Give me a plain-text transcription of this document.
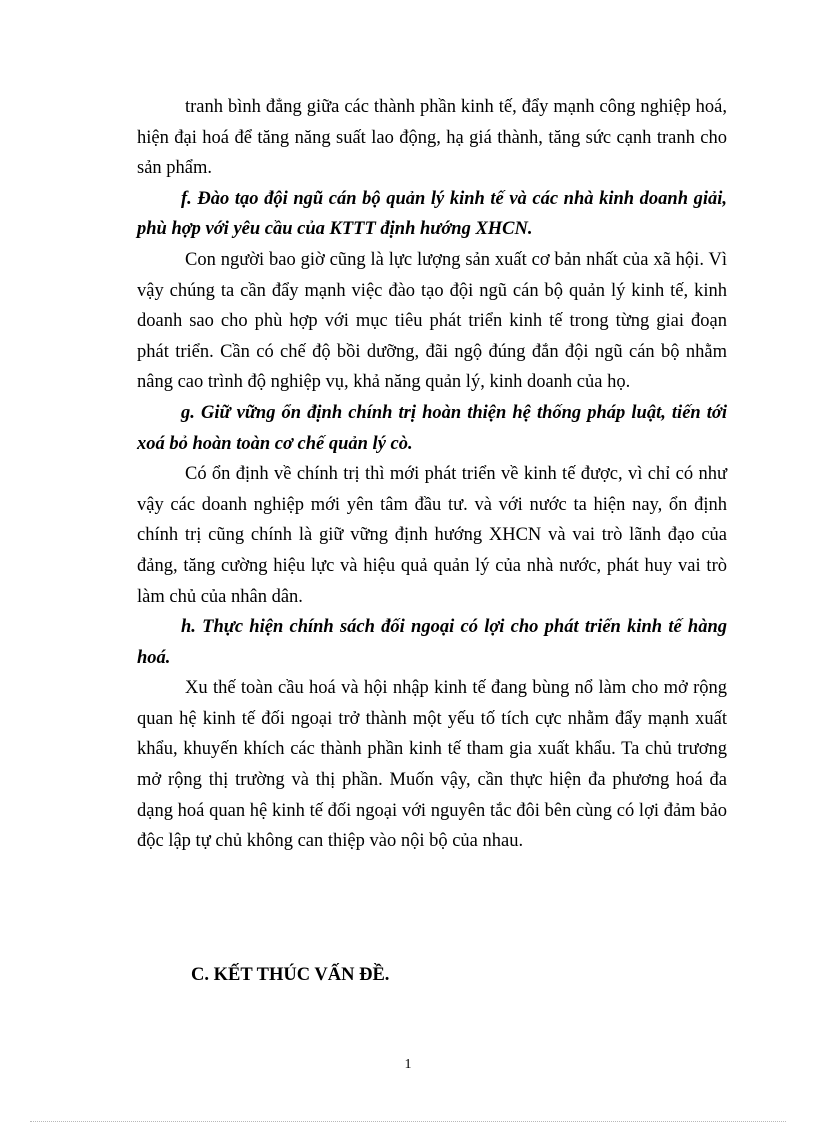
tranh bình đẳng giữa các thành phần kinh tế, đẩy mạnh công nghiệp hoá, hiện đại hoá để tăng năng suất lao động, hạ giá thành, tăng sức cạnh tranh cho sản phẩm.

f. Đào tạo đội ngũ cán bộ quản lý kinh tế và các nhà kinh doanh giải, phù hợp với yêu cầu của KTTT định hướng XHCN.

Con người bao giờ cũng là lực lượng sản xuất cơ bản nhất của xã hội. Vì vậy chúng ta cần đẩy mạnh việc đào tạo đội ngũ cán bộ quản lý kinh tế, kinh doanh sao cho phù hợp với mục tiêu phát triển kinh tế trong từng giai đoạn phát triển. Cần có chế độ bồi dưỡng, đãi ngộ đúng đắn đội ngũ cán bộ nhằm nâng cao trình độ nghiệp vụ, khả năng quản lý, kinh doanh của họ.

g. Giữ vững ổn định chính trị hoàn thiện hệ thống pháp luật, tiến tới xoá bỏ hoàn toàn cơ chế quản lý cò.

Có ổn định về chính trị thì mới phát triển về kinh tế được, vì chỉ có như vậy các doanh nghiệp mới yên tâm đầu tư. và với nước ta hiện nay, ổn định chính trị cũng chính là giữ vững định hướng XHCN và vai trò lãnh đạo của đảng, tăng cường hiệu lực và hiệu quả quản lý của nhà nước, phát huy vai trò làm chủ của nhân dân.

h. Thực hiện chính sách đối ngoại có lợi cho phát triển kinh tế hàng hoá.

Xu thế toàn cầu hoá và hội nhập kinh tế đang bùng nổ làm cho mở rộng quan hệ kinh tế đối ngoại trở thành một yếu tố tích cực nhằm đẩy mạnh xuất khẩu, khuyến khích các thành phần kinh tế tham gia xuất khẩu. Ta chủ trương mở rộng thị trường và thị phần. Muốn vậy, cần thực hiện đa phương hoá đa dạng hoá quan hệ kinh tế đối ngoại với nguyên tắc đôi bên cùng có lợi đảm bảo độc lập tự chủ không can thiệp vào nội bộ của nhau.

C. KẾT THÚC VẤN ĐỀ.

1
